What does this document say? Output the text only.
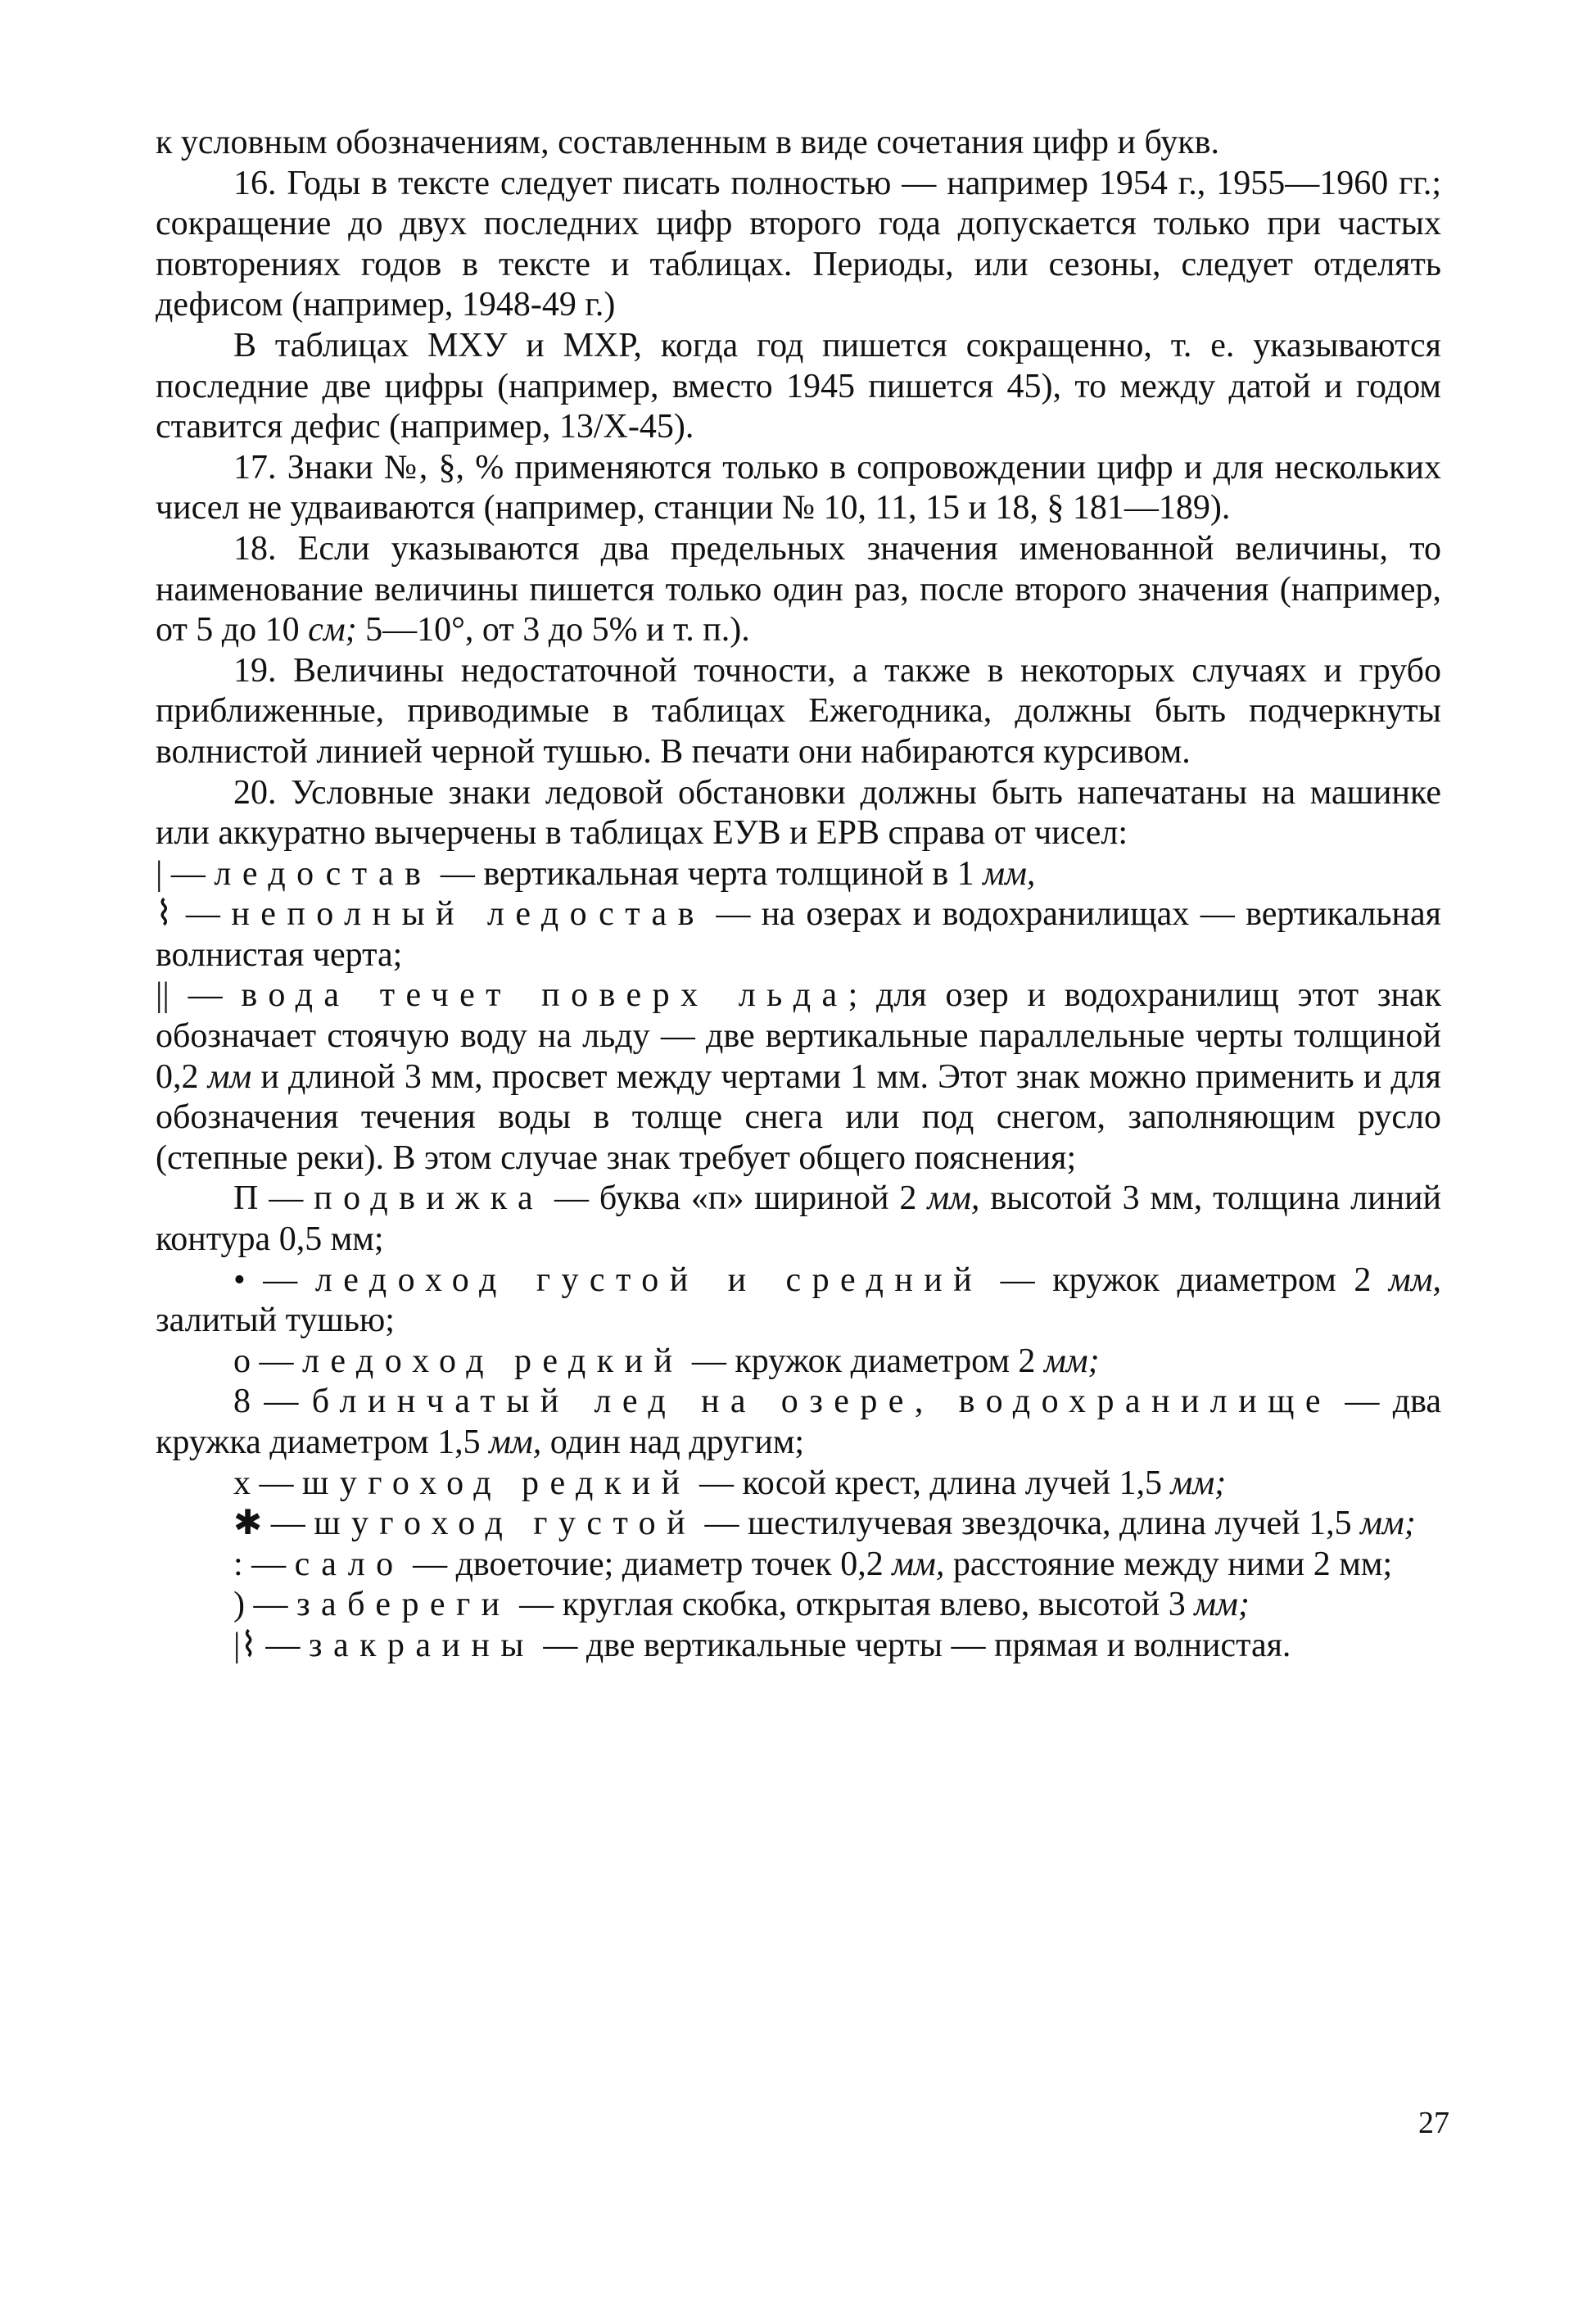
к условным обозначениям, составленным в виде сочетания цифр и букв.

16. Годы в тексте следует писать полностью — например 1954 г., 1955—1960 гг.; сокращение до двух последних цифр второго года допускается только при частых повторениях годов в тексте и таблицах. Периоды, или сезоны, следует отделять дефисом (например, 1948-49 г.)

В таблицах МХУ и МХР, когда год пишется сокращенно, т. е. указываются последние две цифры (например, вместо 1945 пишется 45), то между датой и годом ставится дефис (например, 13/Х-45).

17. Знаки №, §, % применяются только в сопровождении цифр и для нескольких чисел не удваиваются (например, станции № 10, 11, 15 и 18, § 181—189).

18. Если указываются два предельных значения именованной величины, то наименование величины пишется только один раз, после второго значения (например, от 5 до 10 см; 5—10°, от 3 до 5% и т. п.).

19. Величины недостаточной точности, а также в некоторых случаях и грубо приближенные, приводимые в таблицах Ежегодника, должны быть подчеркнуты волнистой линией черной тушью. В печати они набираются курсивом.

20. Условные знаки ледовой обстановки должны быть напечатаны на машинке или аккуратно вычерчены в таблицах ЕУВ и ЕРВ справа от чисел:

| — ледостав — вертикальная черта толщиной в 1 мм,

⌇ — неполный ледостав — на озерах и водохранилищах — вертикальная волнистая черта;

|| — вода течет поверх льда; для озер и водохранилищ этот знак обозначает стоячую воду на льду — две вертикальные параллельные черты толщиной 0,2 мм и длиной 3 мм, просвет между чертами 1 мм. Этот знак можно применить и для обозначения течения воды в толще снега или под снегом, заполняющим русло (степные реки). В этом случае знак требует общего пояснения;

П — подвижка — буква «п» шириной 2 мм, высотой 3 мм, толщина линий контура 0,5 мм;

• — ледоход густой и средний — кружок диаметром 2 мм, залитый тушью;

о — ледоход редкий — кружок диаметром 2 мм;

8 — блинчатый лед на озере, водохранилище — два кружка диаметром 1,5 мм, один над другим;

х — шугоход редкий — косой крест, длина лучей 1,5 мм;

✱ — шугоход густой — шестилучевая звездочка, длина лучей 1,5 мм;

: — сало — двоеточие; диаметр точек 0,2 мм, расстояние между ними 2 мм;

) — забереги — круглая скобка, открытая влево, высотой 3 мм;

|⌇ — закраины — две вертикальные черты — прямая и волнистая.

27
